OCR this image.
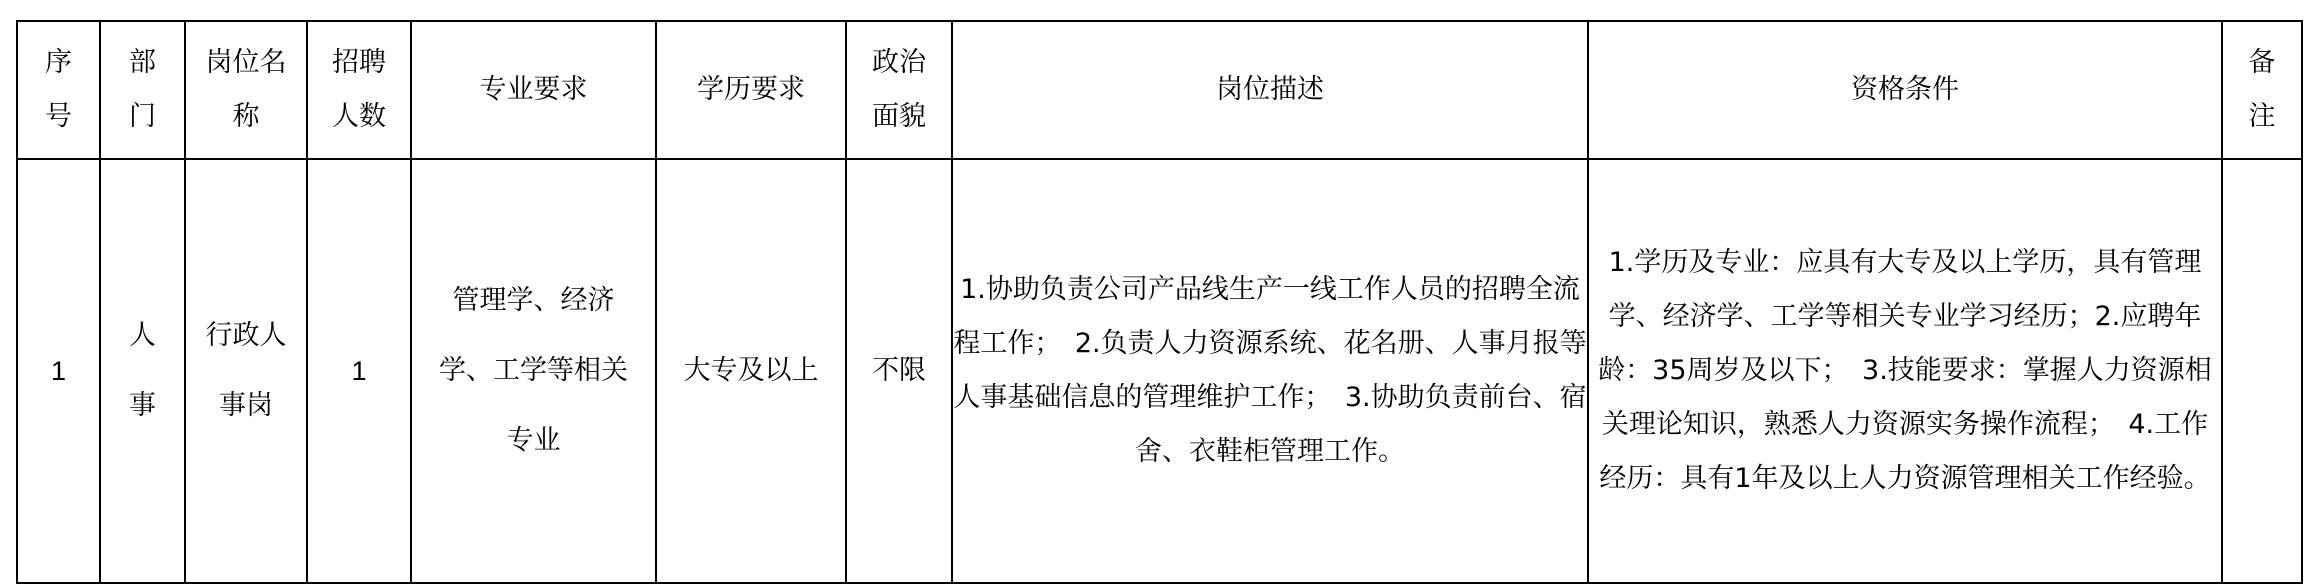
序号	部门	岗位名称	招聘人数	专业要求	学历要求	政治面貌	岗位描述	资格条件	备注

1	人事	行政人事岗	1	管理学、经济学、工学等相关专业	大专及以上	不限	1.协助负责公司产品线生产一线工作人员的招聘全流程工作；　2.负责人力资源系统、花名册、人事月报等人事基础信息的管理维护工作；　3.协助负责前台、宿舍、衣鞋柜管理工作。	1.学历及专业：应具有大专及以上学历，具有管理学、经济学、工学等相关专业学习经历；2.应聘年龄：35周岁及以下；　3.技能要求：掌握人力资源相关理论知识，熟悉人力资源实务操作流程；　4.工作经历：具有1年及以上人力资源管理相关工作经验。	
